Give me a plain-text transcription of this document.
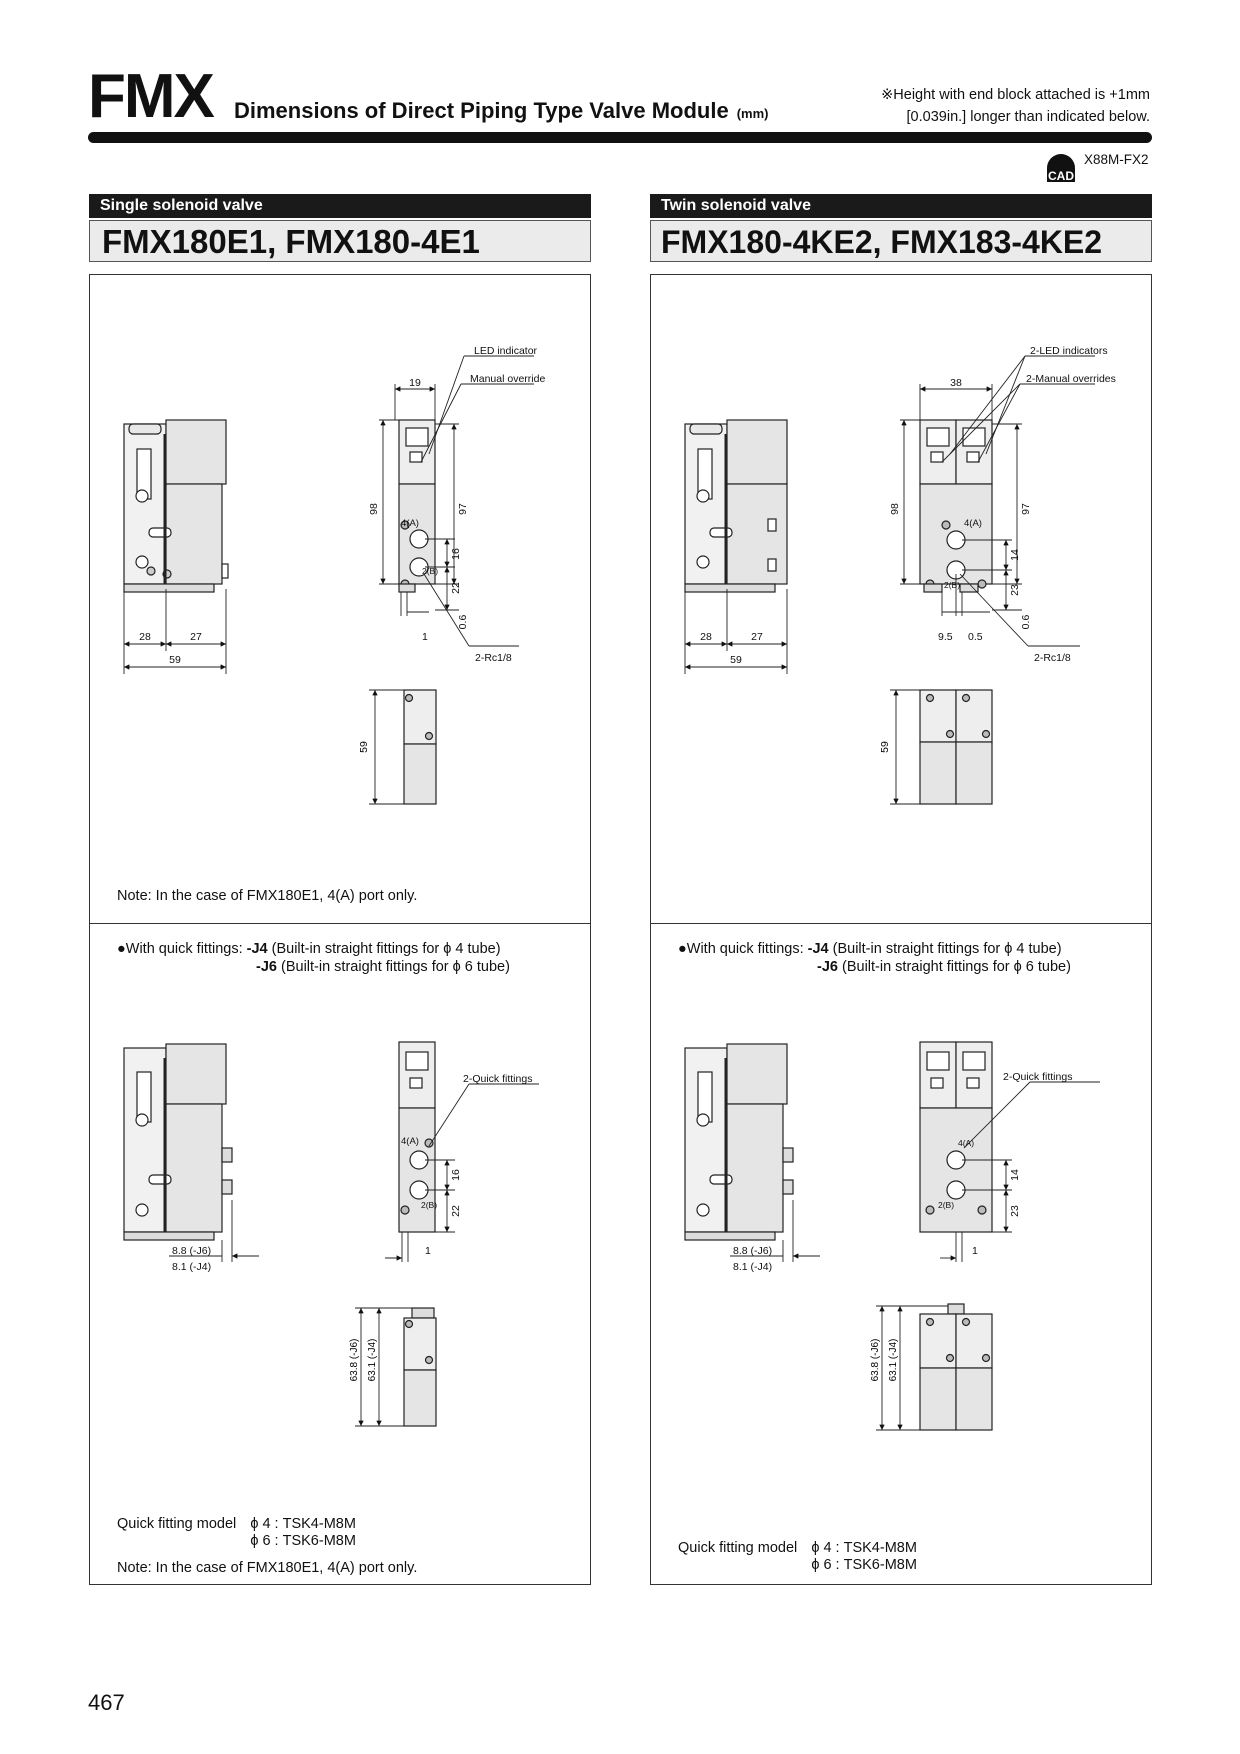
FMX Dimensions of Direct Piping Type Valve Module (mm)
※Height with end block attached is +1mm
[0.039in.] longer than indicated below.
CAD
X88M-FX2
Single solenoid valve
FMX180E1, FMX180-4E1
Twin solenoid valve
FMX180-4KE2, FMX183-4KE2
28	27
59
19
98	97
16
22
0.6
1
4(A)
2(B)
LED indicator
Manual override
2-Rc1/8
59
Note: In the case of FMX180E1, 4(A) port only.
●With quick fittings: -J4 (Built-in straight fittings for ϕ 4 tube)
-J6 (Built-in straight fittings for ϕ 6 tube)
8.8 (-J6)
8.1 (-J4)
16
22
1
4(A)
2(B)
2-Quick fittings
63.8 (-J6) 63.1 (-J4)
Quick fitting model ϕ 4 : TSK4-M8M
ϕ 6 : TSK6-M8M
Note: In the case of FMX180E1, 4(A) port only.
28	27
59
38
98	97
14
23
0.6
9.5 0.5
4(A)
2(B)
2-LED indicators
2-Manual overrides
2-Rc1/8
59
●With quick fittings: -J4 (Built-in straight fittings for ϕ 4 tube)
-J6 (Built-in straight fittings for ϕ 6 tube)
8.8 (-J6)
8.1 (-J4)
14
23
1
4(A)
2(B)
2-Quick fittings
63.8 (-J6) 63.1 (-J4)
Quick fitting model ϕ 4 : TSK4-M8M
ϕ 6 : TSK6-M8M
467
